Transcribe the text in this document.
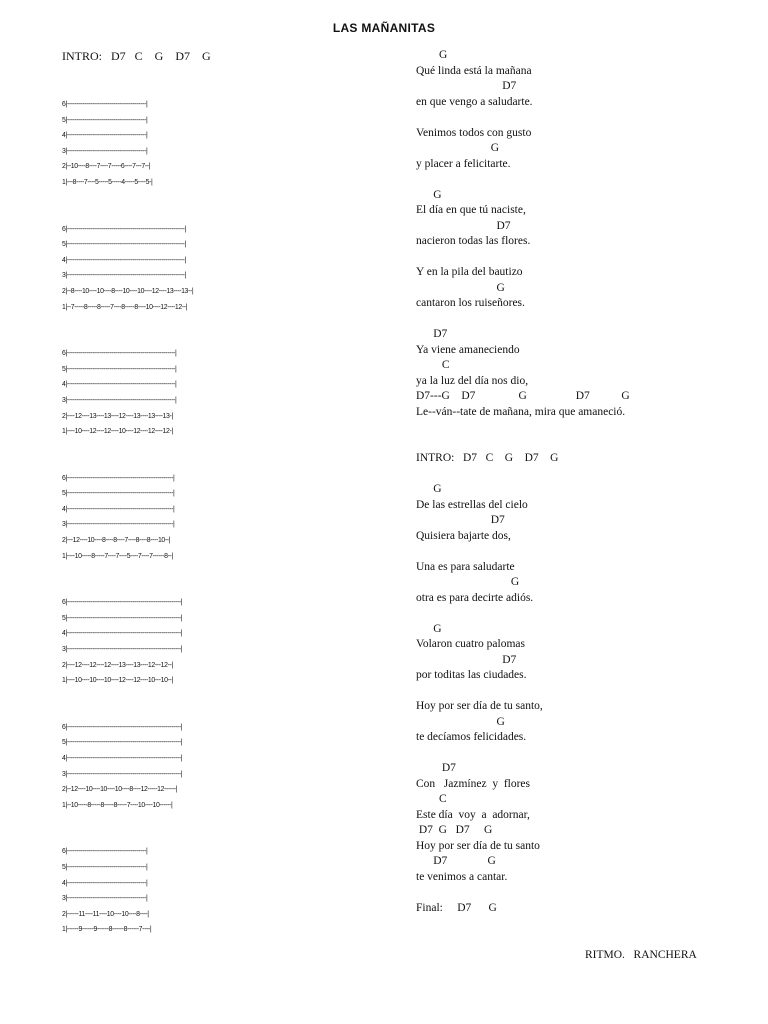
LAS MAÑANITAS
INTRO:   D7   C    G    D7    G
6|-----------------------------------------|
5|-----------------------------------------|
4|-----------------------------------------|
3|-----------------------------------------|
2|--10----8----7----7-----6----7---7--|
1|---8----7----5-----5-----4-----5----5-|
6|-------------------------------------------------------------|
5|-------------------------------------------------------------|
4|-------------------------------------------------------------|
3|-------------------------------------------------------------|
2|--8----10----10----8----10----10----12----13----13--|
1|--7-----8-----8-----7----8-----8----10----12----12--|
6|--------------------------------------------------------|
5|--------------------------------------------------------|
4|--------------------------------------------------------|
3|--------------------------------------------------------|
2|----12----13----13----12----13----13----13-|
1|----10----12----12----10----12----12----12-|
6|-------------------------------------------------------|
5|-------------------------------------------------------|
4|-------------------------------------------------------|
3|-------------------------------------------------------|
2|---12----10----8----8----7----8----8----10--|
1|----10-----8-----7----7----5----7----7------8--|
6|-----------------------------------------------------------|
5|-----------------------------------------------------------|
4|-----------------------------------------------------------|
3|-----------------------------------------------------------|
2|----12----12----12----13----13----12---12--|
1|----10----10----10----12----12----10---10--|
6|-----------------------------------------------------------|
5|-----------------------------------------------------------|
4|-----------------------------------------------------------|
3|-----------------------------------------------------------|
2|--12----10----10----10----8----12-----12------|
1|--10-----8-----8-----8-----7----10----10------|
6|-----------------------------------------|
5|-----------------------------------------|
4|-----------------------------------------|
3|-----------------------------------------|
2|------11----11----10----10----8----|
1|------9------9------8------8------7----|
G
Qué linda está la mañana
D7
en que vengo a saludarte.
Venimos todos con gusto
G
y placer a felicitarte.
G
El día en que tú naciste,
D7
nacieron todas las flores.
Y en la pila del bautizo
G
cantaron los ruiseñores.
D7
Ya viene amaneciendo
C
ya la luz del día nos dio,
D7---G    D7               G                 D7           G
Le--ván--tate de mañana, mira que amaneció.
INTRO:   D7   C    G    D7    G
G
De las estrellas del cielo
D7
Quisiera bajarte dos,
Una es para saludarte
G
otra es para decirte adiós.
G
Volaron cuatro palomas
D7
por toditas las ciudades.
Hoy por ser día de tu santo,
G
te decíamos felicidades.
D7
Con   Jazmínez  y  flores
C
Este día  voy  a  adornar,
D7  G   D7     G
Hoy por ser día de tu santo
D7              G
te venimos a cantar.
Final:     D7      G
RITMO.   RANCHERA
